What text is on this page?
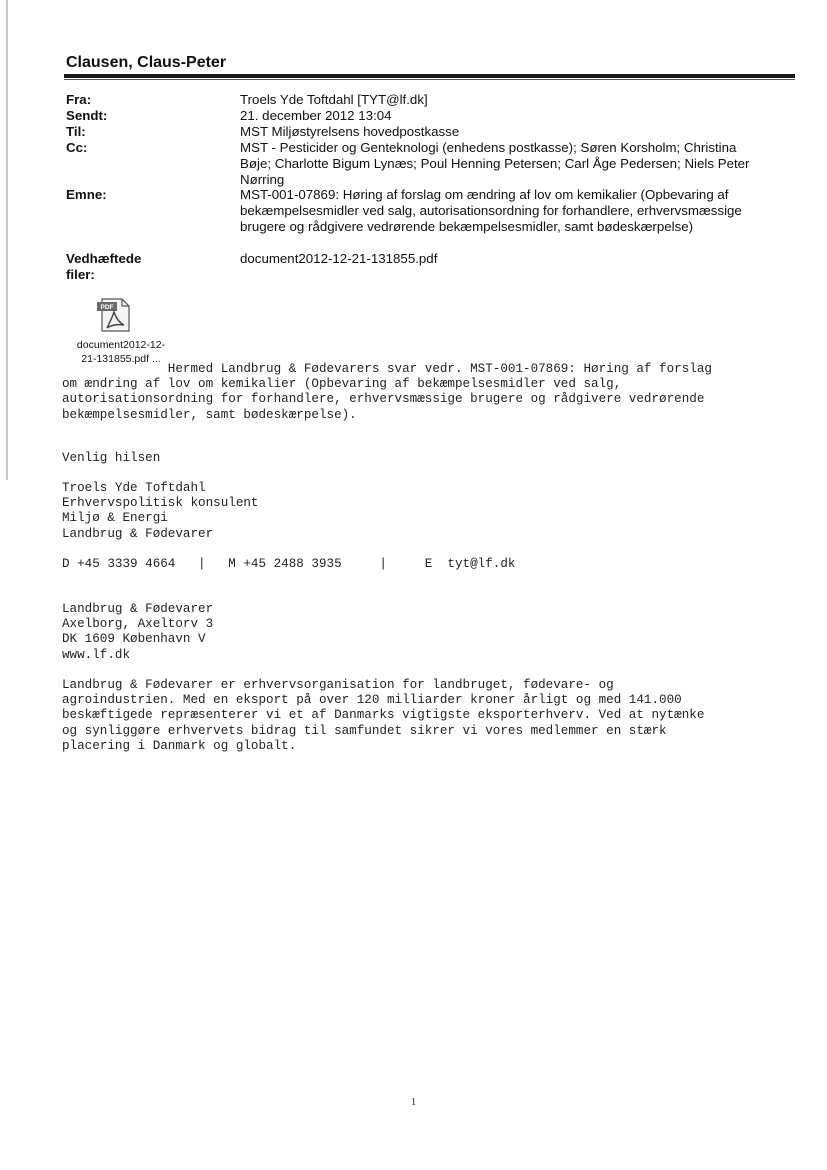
Clausen, Claus-Peter
Fra:	Troels Yde Toftdahl [TYT@lf.dk]
Sendt:	21. december 2012 13:04
Til:	MST Miljøstyrelsens hovedpostkasse
Cc:	MST - Pesticider og Genteknologi (enhedens postkasse); Søren Korsholm; Christina
Bøje; Charlotte Bigum Lynæs; Poul Henning Petersen; Carl Åge Pedersen; Niels Peter
Nørring
Emne:	MST-001-07869: Høring af forslag om ændring af lov om kemikalier (Opbevaring af
bekæmpelsesmidler ved salg, autorisationsordning for forhandlere, erhvervsmæssige
brugere og rådgivere vedrørende bekæmpelsesmidler, samt bødeskærpelse)
Vedhæftede filer:
document2012-12-21-131855.pdf
PDF
document2012-12-
21-131855.pdf ...
Hermed Landbrug & Fødevarers svar vedr. MST-001-07869: Høring af forslag
om ændring af lov om kemikalier (Opbevaring af bekæmpelsesmidler ved salg,
autorisationsordning for forhandlere, erhvervsmæssige brugere og rådgivere vedrørende
bekæmpelsesmidler, samt bødeskærpelse).
Venlig hilsen
Troels Yde Toftdahl
Erhvervspolitisk konsulent
Miljø & Energi
Landbrug & Fødevarer
D +45 3339 4664   |   M +45 2488 3935     |     E  tyt@lf.dk
Landbrug & Fødevarer
Axelborg, Axeltorv 3
DK 1609 København V
www.lf.dk
Landbrug & Fødevarer er erhvervsorganisation for landbruget, fødevare- og
agroindustrien. Med en eksport på over 120 milliarder kroner årligt og med 141.000
beskæftigede repræsenterer vi et af Danmarks vigtigste eksporterhverv. Ved at nytænke
og synliggøre erhvervets bidrag til samfundet sikrer vi vores medlemmer en stærk
placering i Danmark og globalt.
1
